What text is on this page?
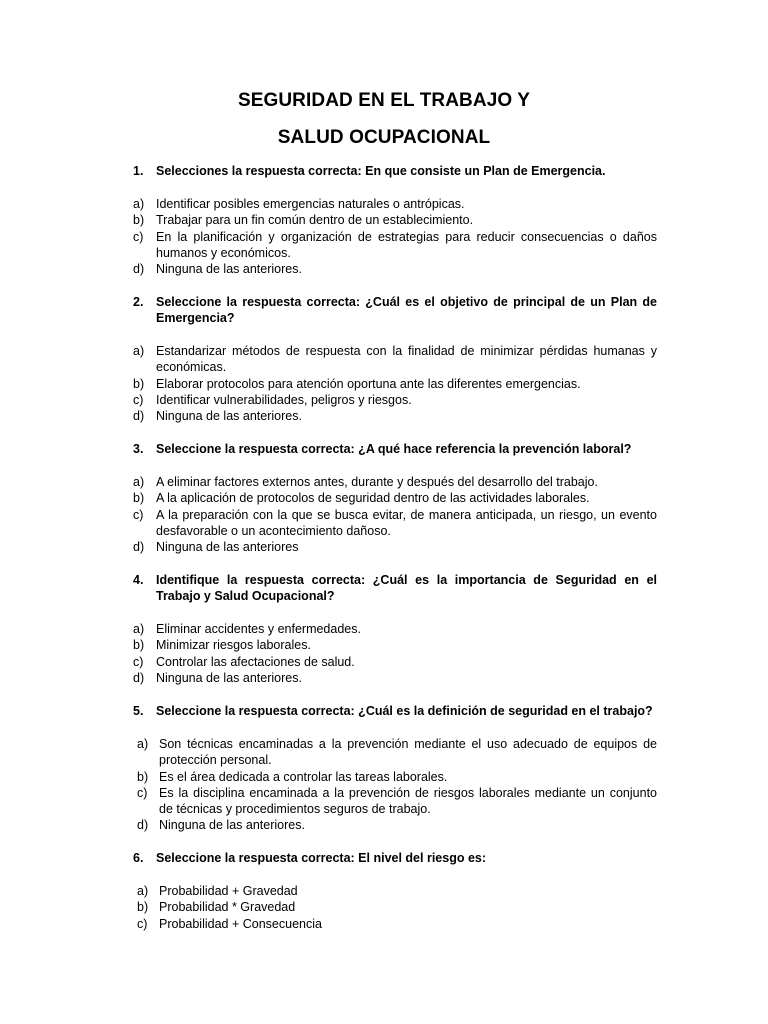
SEGURIDAD EN EL TRABAJO Y
SALUD OCUPACIONAL
1. Selecciones la respuesta correcta: En que consiste un Plan de Emergencia.
a) Identificar posibles emergencias naturales o antrópicas.
b) Trabajar para un fin común dentro de un establecimiento.
c) En la planificación y organización de estrategias para reducir consecuencias o daños humanos y económicos.
d) Ninguna de las anteriores.
2. Seleccione la respuesta correcta: ¿Cuál es el objetivo de principal de un Plan de Emergencia?
a) Estandarizar métodos de respuesta con la finalidad de minimizar pérdidas humanas y económicas.
b) Elaborar protocolos para atención oportuna ante las diferentes emergencias.
c) Identificar vulnerabilidades, peligros y riesgos.
d) Ninguna de las anteriores.
3. Seleccione la respuesta correcta: ¿A qué hace referencia la prevención laboral?
a) A eliminar factores externos antes, durante y después del desarrollo del trabajo.
b) A la aplicación de protocolos de seguridad dentro de las actividades laborales.
c) A la preparación con la que se busca evitar, de manera anticipada, un riesgo, un evento desfavorable o un acontecimiento dañoso.
d) Ninguna de las anteriores
4. Identifique la respuesta correcta: ¿Cuál es la importancia de Seguridad en el Trabajo y Salud Ocupacional?
a) Eliminar accidentes y enfermedades.
b) Minimizar riesgos laborales.
c) Controlar las afectaciones de salud.
d) Ninguna de las anteriores.
5. Seleccione la respuesta correcta: ¿Cuál es la definición de seguridad en el trabajo?
a) Son técnicas encaminadas a la prevención mediante el uso adecuado de equipos de protección personal.
b) Es el área dedicada a controlar las tareas laborales.
c) Es la disciplina encaminada a la prevención de riesgos laborales mediante un conjunto de técnicas y procedimientos seguros de trabajo.
d) Ninguna de las anteriores.
6. Seleccione la respuesta correcta: El nivel del riesgo es:
a) Probabilidad + Gravedad
b) Probabilidad * Gravedad
c) Probabilidad + Consecuencia
